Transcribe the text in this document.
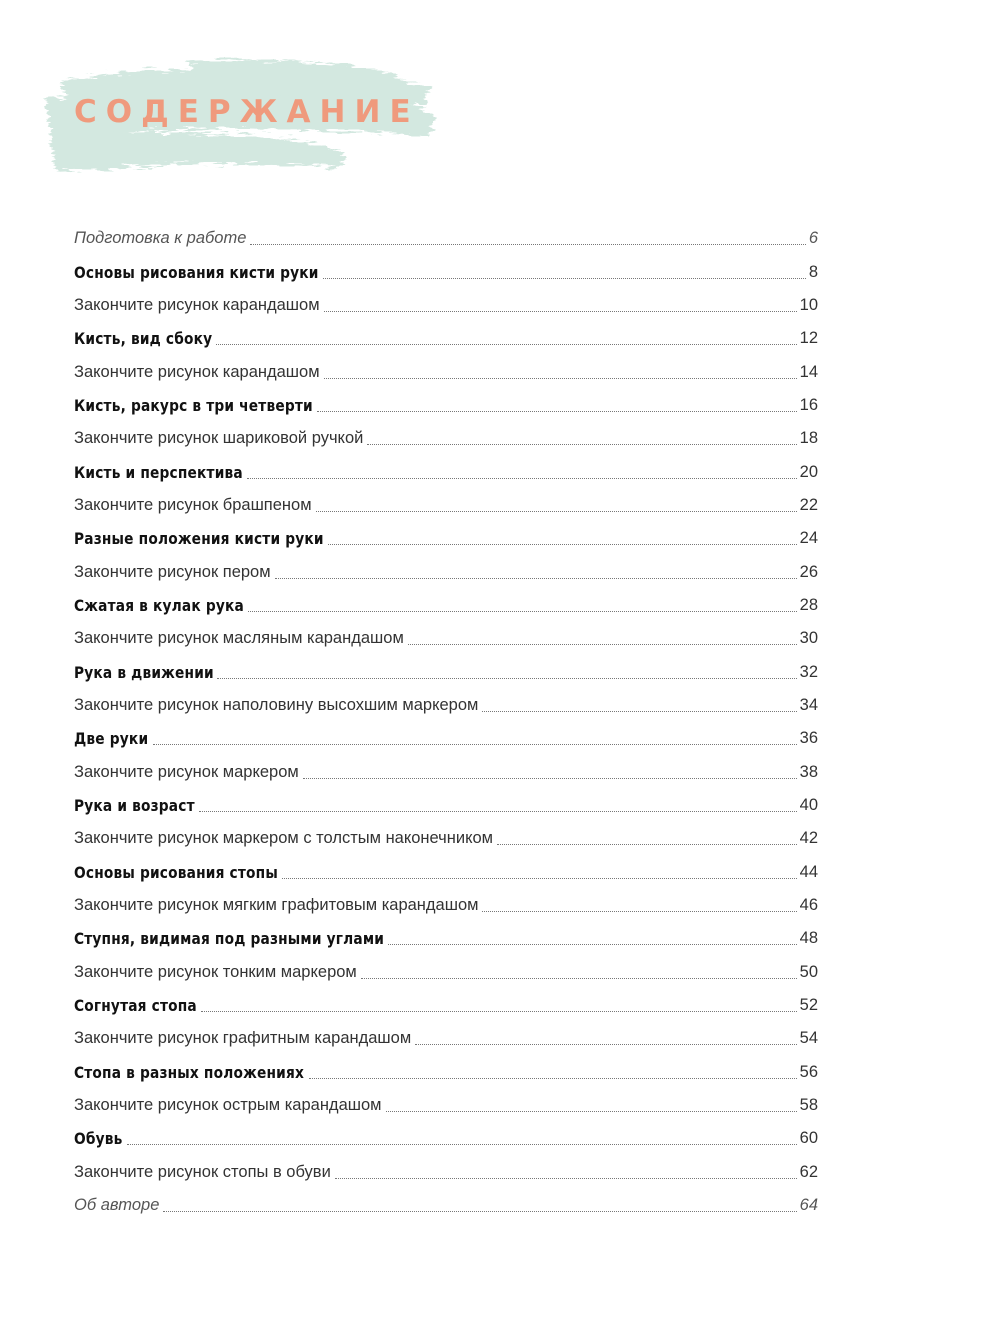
СОДЕРЖАНИЕ
Подготовка к работе	6
Основы рисования кисти руки	8
Закончите рисунок карандашом	10
Кисть, вид сбоку	12
Закончите рисунок карандашом	14
Кисть, ракурс в три четверти	16
Закончите рисунок шариковой ручкой	18
Кисть и перспектива	20
Закончите рисунок брашпеном	22
Разные положения кисти руки	24
Закончите рисунок пером	26
Сжатая в кулак рука	28
Закончите рисунок масляным карандашом	30
Рука в движении	32
Закончите рисунок наполовину высохшим маркером	34
Две руки	36
Закончите рисунок маркером	38
Рука и возраст	40
Закончите рисунок маркером с толстым наконечником	42
Основы рисования стопы	44
Закончите рисунок мягким графитовым карандашом	46
Ступня, видимая под разными углами	48
Закончите рисунок тонким маркером	50
Согнутая стопа	52
Закончите рисунок графитным карандашом	54
Стопа в разных положениях	56
Закончите рисунок острым карандашом	58
Обувь	60
Закончите рисунок стопы в обуви	62
Об авторе	64
